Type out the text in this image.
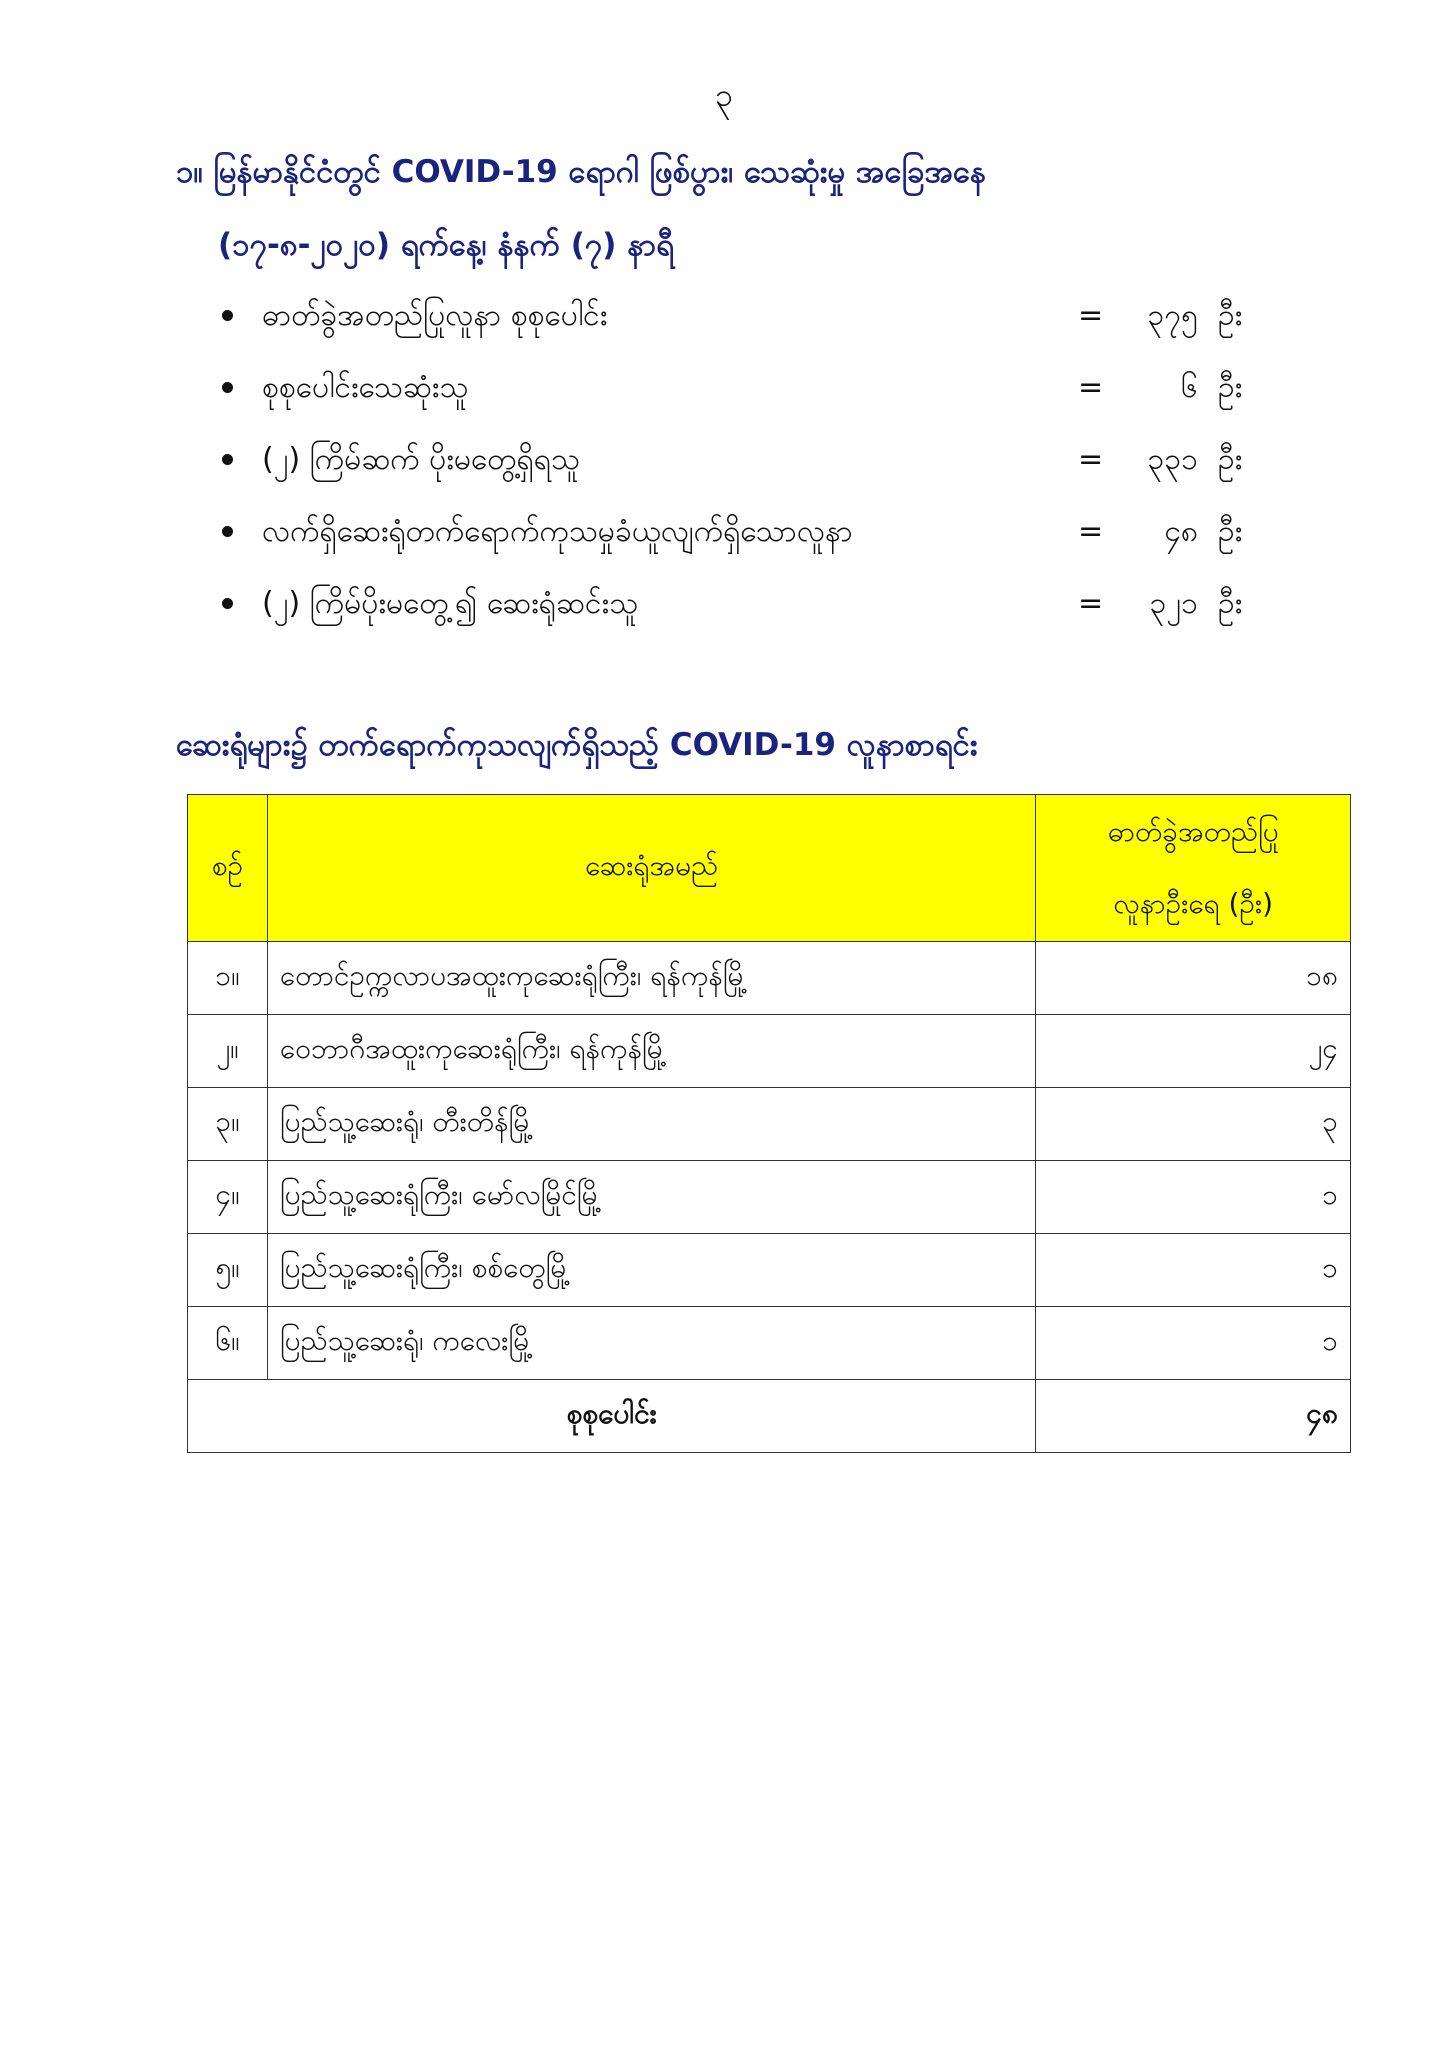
၃
၁။ မြန်မာနိုင်ငံတွင် COVID-19 ရောဂါ ဖြစ်ပွား၊ သေဆုံးမှု အခြေအနေ
(၁၇-၈-၂၀၂၀) ရက်နေ့၊ နံနက် (၇) နာရီ
ဓာတ်ခွဲအတည်ပြုလူနာ စုစုပေါင်း	=	၃၇၅ ဦး
စုစုပေါင်းသေဆုံးသူ	=	၆ ဦး
(၂) ကြိမ်ဆက် ပိုးမတွေ့ရှိရသူ	=	၃၃၁ ဦး
လက်ရှိဆေးရုံတက်ရောက်ကုသမှုခံယူလျက်ရှိသောလူနာ	=	၄၈ ဦး
(၂) ကြိမ်ပိုးမတွေ့၍ ဆေးရုံဆင်းသူ	=	၃၂၁ ဦး
ဆေးရုံများ၌ တက်ရောက်ကုသလျက်ရှိသည့် COVID-19 လူနာစာရင်း
စဉ်	ဆေးရုံအမည်	ဓာတ်ခွဲအတည်ပြု
လူနာဦးရေ (ဦး)

၁။	တောင်ဥက္ကလာပအထူးကုဆေးရုံကြီး၊ ရန်ကုန်မြို့	၁၈
၂။	ဝေဘာဂီအထူးကုဆေးရုံကြီး၊ ရန်ကုန်မြို့	၂၄
၃။	ပြည်သူ့ဆေးရုံ၊ တီးတိန်မြို့	၃
၄။	ပြည်သူ့ဆေးရုံကြီး၊ မော်လမြိုင်မြို့	၁
၅။	ပြည်သူ့ဆေးရုံကြီး၊ စစ်တွေမြို့	၁
၆။	ပြည်သူ့ဆေးရုံ၊ ကလေးမြို့	၁
စုစုပေါင်း		၄၈
